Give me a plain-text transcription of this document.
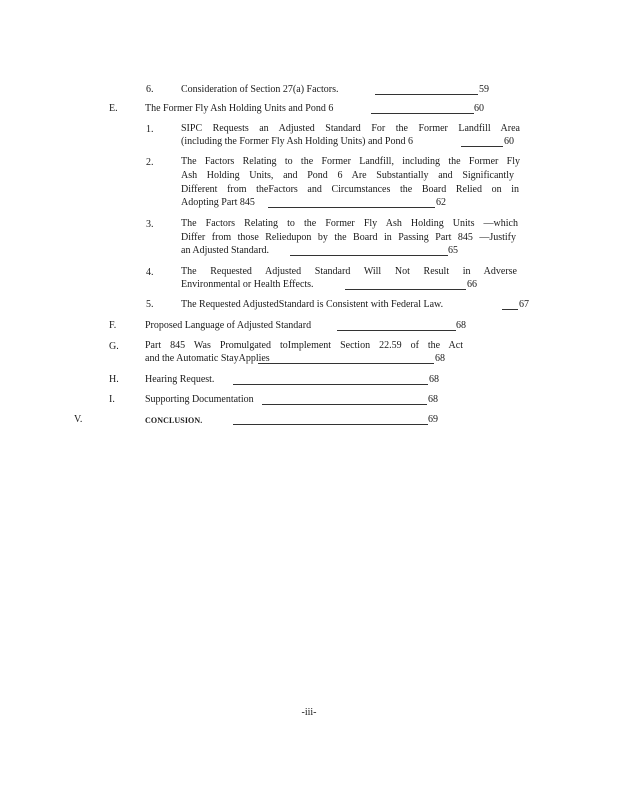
6.	Consideration of Section 27(a) Factors.	59
E.	The Former Fly Ash Holding Units and Pond 6	60
1.	SIPC Requests an Adjusted Standard For the Former Landfill Area
(including the Former Fly Ash Holding Units) and Pond 6	60
2.	The Factors Relating to the Former Landfill, including the Former Fly
Ash Holding Units, and Pond 6 Are Substantially and Significantly
Different from theFactors and Circumstances the Board Relied on in
Adopting Part 845	62
3.	The Factors Relating to the Former Fly Ash Holding Units —which
Differ from those Reliedupon by the Board in Passing Part 845 —Justify
an Adjusted Standard.	65
4.	The Requested Adjusted Standard Will Not Result in Adverse
Environmental or Health Effects.	66
5.	The Requested AdjustedStandard is Consistent with Federal Law.	67
F.	Proposed Language of Adjusted Standard	68
G.	Part 845 Was Promulgated toImplement Section 22.59 of the Act
and the Automatic StayApplies	68
H.	Hearing Request.	68
I.	Supporting Documentation	68
V.	CONCLUSION.	69
-iii-
